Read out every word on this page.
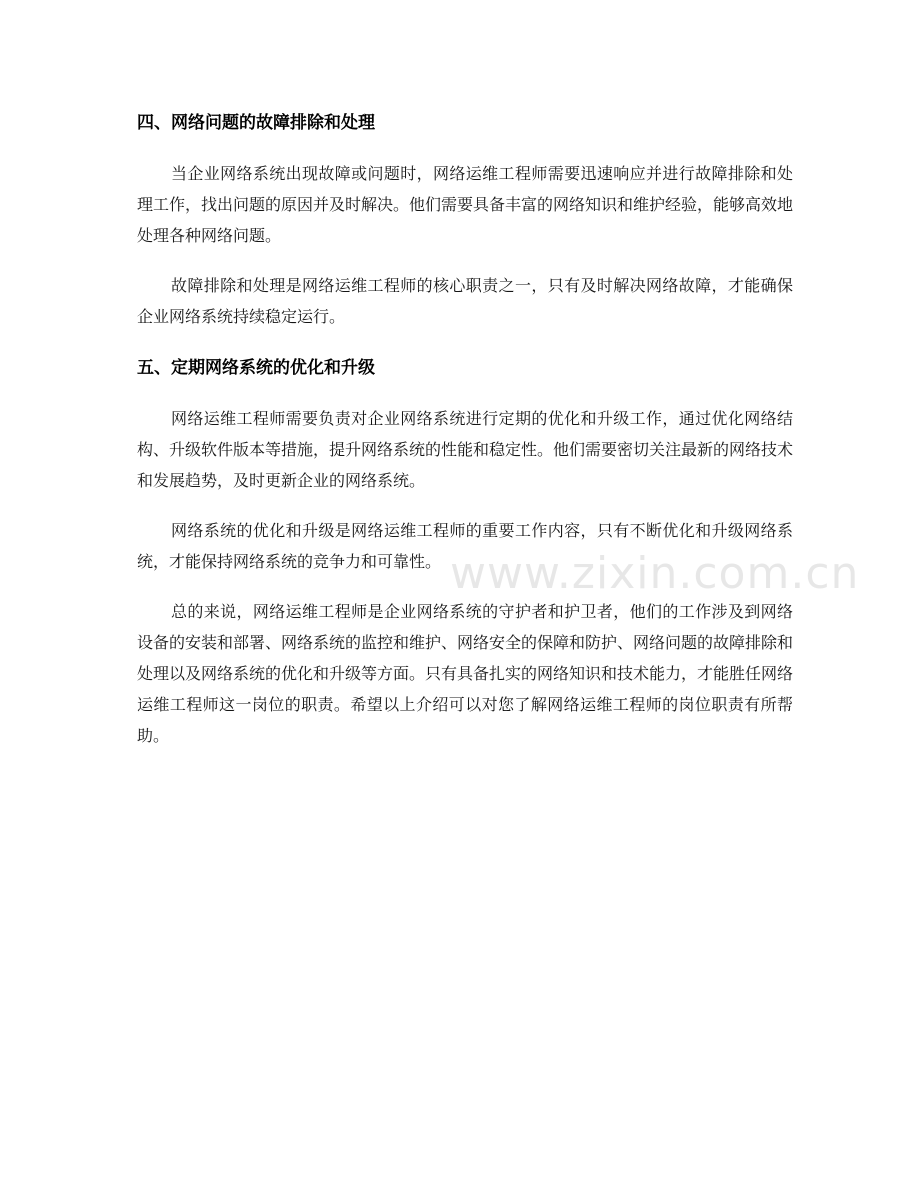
四、网络问题的故障排除和处理

当企业网络系统出现故障或问题时，网络运维工程师需要迅速响应并进行故障排除和处理工作，找出问题的原因并及时解决。他们需要具备丰富的网络知识和维护经验，能够高效地处理各种网络问题。

故障排除和处理是网络运维工程师的核心职责之一，只有及时解决网络故障，才能确保企业网络系统持续稳定运行。

五、定期网络系统的优化和升级

网络运维工程师需要负责对企业网络系统进行定期的优化和升级工作，通过优化网络结构、升级软件版本等措施，提升网络系统的性能和稳定性。他们需要密切关注最新的网络技术和发展趋势，及时更新企业的网络系统。

网络系统的优化和升级是网络运维工程师的重要工作内容，只有不断优化和升级网络系统，才能保持网络系统的竞争力和可靠性。

总的来说，网络运维工程师是企业网络系统的守护者和护卫者，他们的工作涉及到网络设备的安装和部署、网络系统的监控和维护、网络安全的保障和防护、网络问题的故障排除和处理以及网络系统的优化和升级等方面。只有具备扎实的网络知识和技术能力，才能胜任网络运维工程师这一岗位的职责。希望以上介绍可以对您了解网络运维工程师的岗位职责有所帮助。

www.zixin.com.cn
